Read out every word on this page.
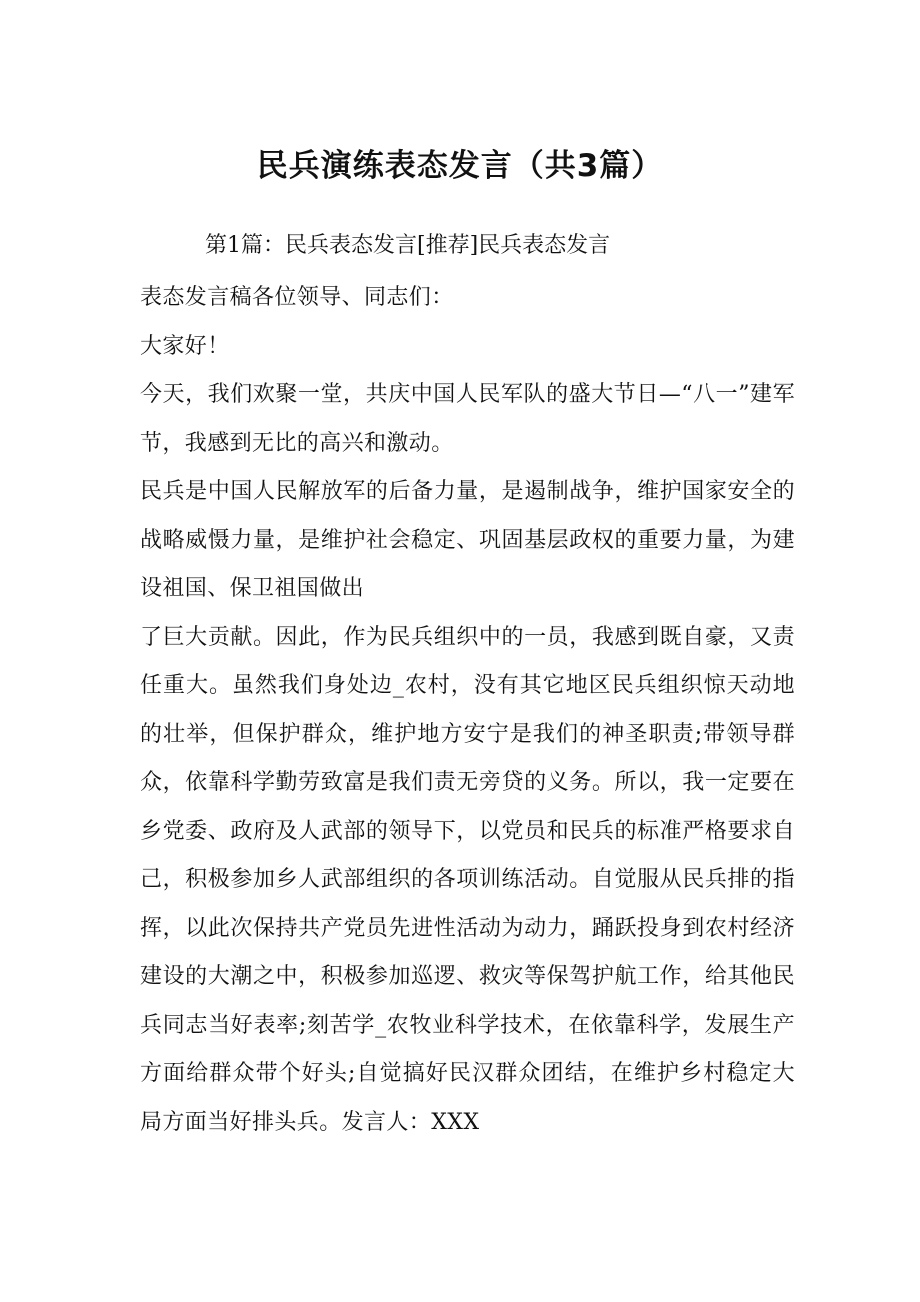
民兵演练表态发言（共3篇）

第1篇：民兵表态发言[推荐]民兵表态发言

表态发言稿各位领导、同志们：

大家好！

今天，我们欢聚一堂，共庆中国人民军队的盛大节日—“八一”建军节，我感到无比的高兴和激动。

民兵是中国人民解放军的后备力量，是遏制战争，维护国家安全的战略威慑力量，是维护社会稳定、巩固基层政权的重要力量，为建设祖国、保卫祖国做出

了巨大贡献。因此，作为民兵组织中的一员，我感到既自豪，又责任重大。虽然我们身处边_农村，没有其它地区民兵组织惊天动地的壮举，但保护群众，维护地方安宁是我们的神圣职责;带领导群众，依靠科学勤劳致富是我们责无旁贷的义务。所以，我一定要在乡党委、政府及人武部的领导下，以党员和民兵的标准严格要求自己，积极参加乡人武部组织的各项训练活动。自觉服从民兵排的指挥，以此次保持共产党员先进性活动为动力，踊跃投身到农村经济建设的大潮之中，积极参加巡逻、救灾等保驾护航工作，给其他民兵同志当好表率;刻苦学_农牧业科学技术，在依靠科学，发展生产方面给群众带个好头;自觉搞好民汉群众团结，在维护乡村稳定大局方面当好排头兵。发言人：XXX
